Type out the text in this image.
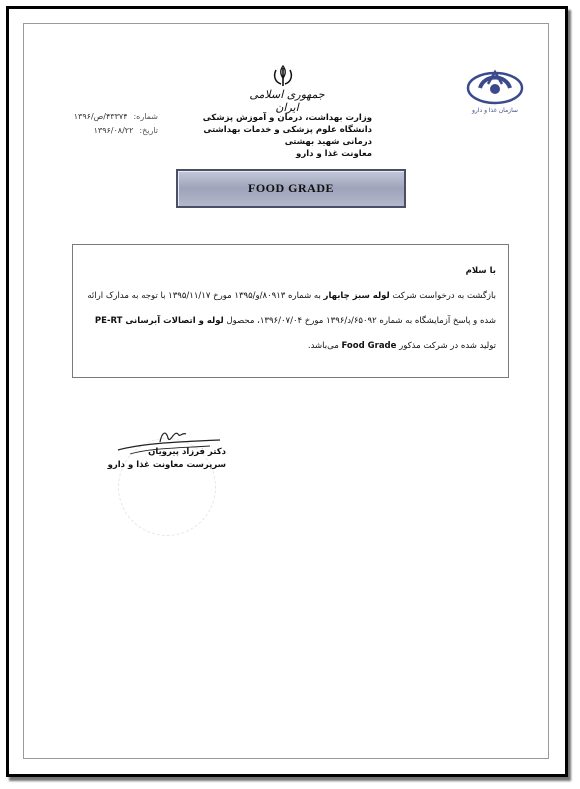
جمهوری اسلامی ایران
وزارت بهداشت، درمان و آموزش پزشکی
دانشگاه علوم پزشکی و خدمات بهداشتی درمانی شهید بهشتی
معاونت غذا و دارو
سازمان غذا و دارو
شماره:
۴۳۳۷۴/ص/۱۳۹۶
تاریخ:
۱۳۹۶/۰۸/۲۲
FOOD GRADE
با سلام
بازگشت به درخواست شرکت لوله سبز چابهار به شماره ۸۰۹۱۳/و/۱۳۹۵ مورخ ۱۳۹۵/۱۱/۱۷ با توجه به مدارک ارائه
شده و پاسخ آزمایشگاه به شماره ۶۵۰۹۲/د/۱۳۹۶ مورخ ۱۳۹۶/۰۷/۰۴، محصول لوله و اتصالات آبرسانی PE-RT
تولید شده در شرکت مذکور Food Grade می‌باشد.
دکتر فرزاد پیرویان
سرپرست معاونت غذا و دارو
